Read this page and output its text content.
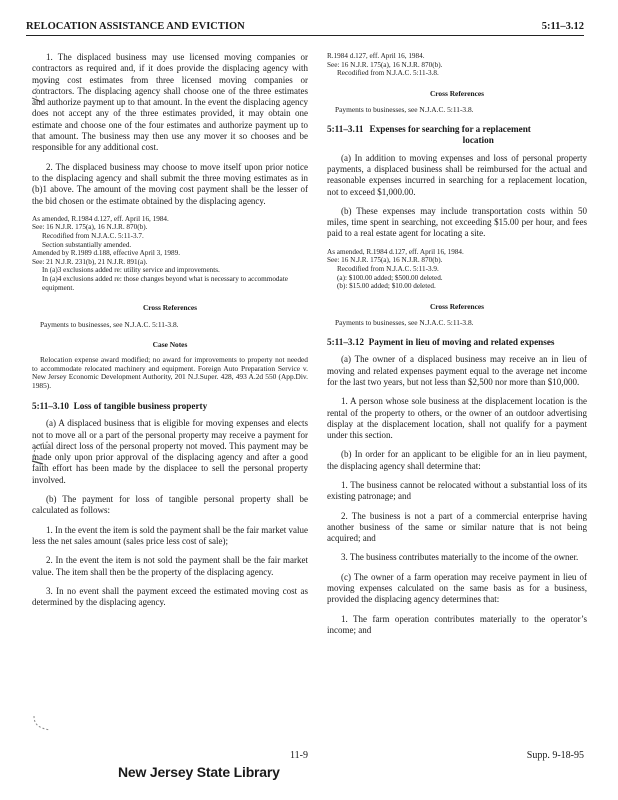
RELOCATION ASSISTANCE AND EVICTION	5:11–3.12

1. The displaced business may use licensed moving companies or contractors as required and, if it does provide the displacing agency with moving cost estimates from three licensed moving companies or contractors. The displacing agency shall choose one of the three estimates and authorize payment up to that amount. In the event the displacing agency does not accept any of the three estimates provided, it may obtain one estimate and choose one of the four estimates and authorize payment up to that amount. The business may then use any mover it so chooses and be responsible for any additional cost.

2. The displaced business may choose to move itself upon prior notice to the displacing agency and shall submit the three moving estimates as in (b)1 above. The amount of the moving cost payment shall be the lesser of the bid chosen or the estimate obtained by the displacing agency.

As amended, R.1984 d.127, eff. April 16, 1984.
See: 16 N.J.R. 175(a), 16 N.J.R. 870(b).
Recodified from N.J.A.C. 5:11-3.7.
Section substantially amended.
Amended by R.1989 d.188, effective April 3, 1989.
See: 21 N.J.R. 231(b), 21 N.J.R. 891(a).
In (a)3 exclusions added re: utility service and improvements.
In (a)4 exclusions added re: those changes beyond what is necessary to accommodate equipment.
Cross References
Payments to businesses, see N.J.A.C. 5:11-3.8.
Case Notes
Relocation expense award modified; no award for improvements to property not needed to accommodate relocated machinery and equipment. Foreign Auto Preparation Service v. New Jersey Economic Development Authority, 201 N.J.Super. 428, 493 A.2d 550 (App.Div. 1985).
5:11–3.10 Loss of tangible business property

(a) A displaced business that is eligible for moving expenses and elects not to move all or a part of the personal property may receive a payment for actual direct loss of the personal property not moved. This payment may be made only upon prior approval of the displacing agency and after a good faith effort has been made by the displacee to sell the personal property involved.

(b) The payment for loss of tangible personal property shall be calculated as follows:

1. In the event the item is sold the payment shall be the fair market value less the net sales amount (sales price less cost of sale);

2. In the event the item is not sold the payment shall be the fair market value. The item shall then be the property of the displacing agency.

3. In no event shall the payment exceed the estimated moving cost as determined by the displacing agency.

R.1984 d.127, eff. April 16, 1984.
See: 16 N.J.R. 175(a), 16 N.J.R. 870(b).
Recodified from N.J.A.C. 5:11-3.8.
Cross References
Payments to businesses, see N.J.A.C. 5:11-3.8.
5:11–3.11 Expenses for searching for a replacement
location

(a) In addition to moving expenses and loss of personal property payments, a displaced business shall be reimbursed for the actual and reasonable expenses incurred in searching for a replacement location, not to exceed $1,000.00.

(b) These expenses may include transportation costs within 50 miles, time spent in searching, not exceeding $15.00 per hour, and fees paid to a real estate agent for locating a site.

As amended, R.1984 d.127, eff. April 16, 1984.
See: 16 N.J.R. 175(a), 16 N.J.R. 870(b).
Recodified from N.J.A.C. 5:11-3.9.
(a): $100.00 added; $500.00 deleted.
(b): $15.00 added; $10.00 deleted.
Cross References
Payments to businesses, see N.J.A.C. 5:11-3.8.
5:11–3.12 Payment in lieu of moving and related expenses

(a) The owner of a displaced business may receive an in lieu of moving and related expenses payment equal to the average net income for the last two years, but not less than $2,500 nor more than $10,000.

1. A person whose sole business at the displacement location is the rental of the property to others, or the owner of an outdoor advertising display at the displacement location, shall not qualify for a payment under this section.

(b) In order for an applicant to be eligible for an in lieu payment, the displacing agency shall determine that:

1. The business cannot be relocated without a substantial loss of its existing patronage; and

2. The business is not a part of a commercial enterprise having another business of the same or similar nature that is not being acquired; and

3. The business contributes materially to the income of the owner.

(c) The owner of a farm operation may receive payment in lieu of moving expenses calculated on the same basis as for a business, provided the displacing agency determines that:

1. The farm operation contributes materially to the operator’s income; and

11-9	Supp. 9-18-95
New Jersey State Library
